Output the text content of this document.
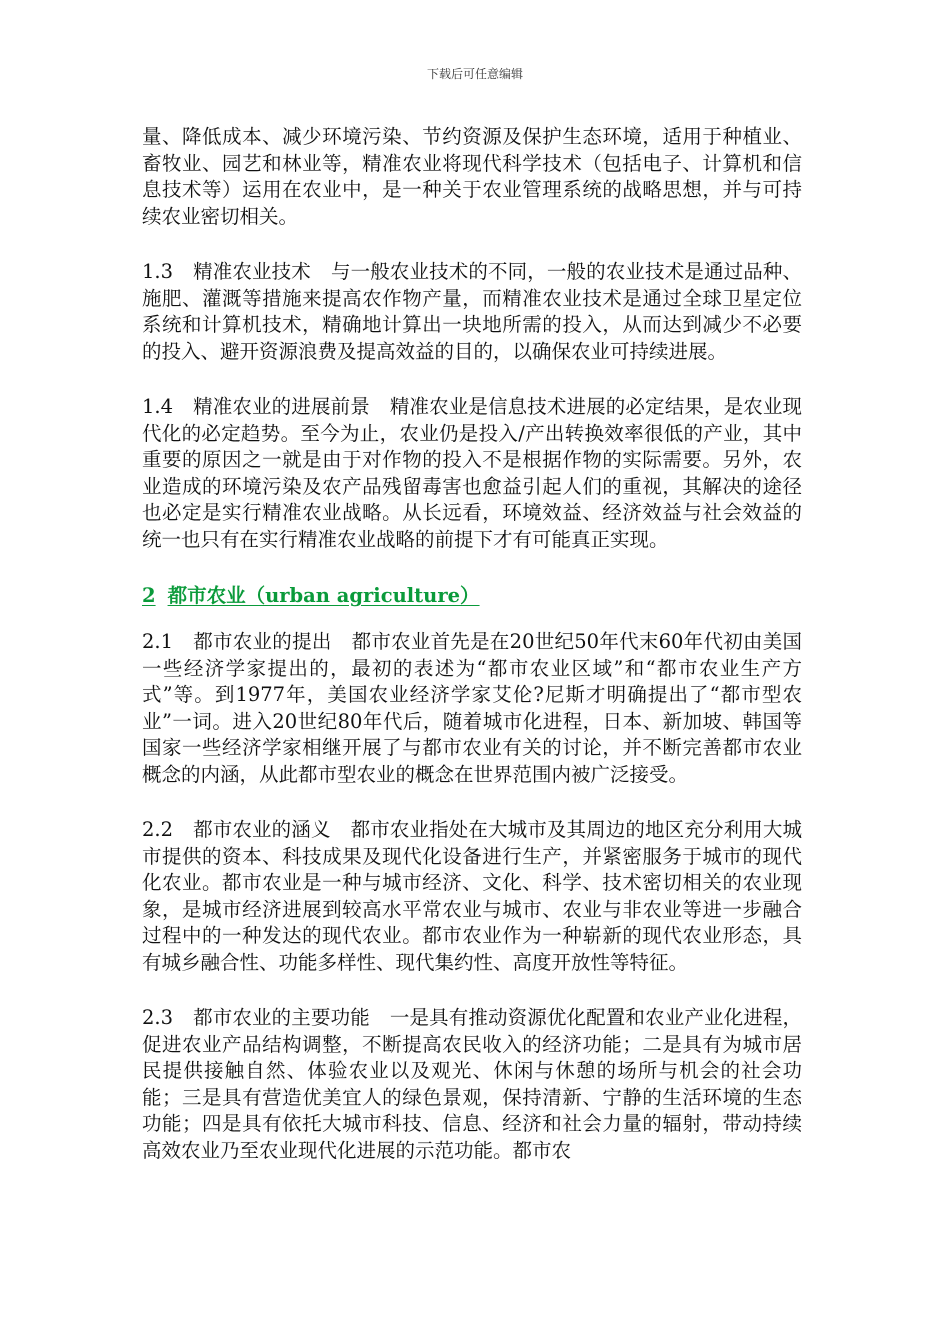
下载后可任意编辑

量、降低成本、减少环境污染、节约资源及保护生态环境，适用于种植业、畜牧业、园艺和林业等，精准农业将现代科学技术（包括电子、计算机和信息技术等）运用在农业中，是一种关于农业管理系统的战略思想，并与可持续农业密切相关。

1.3 精准农业技术 与一般农业技术的不同，一般的农业技术是通过品种、施肥、灌溉等措施来提高农作物产量，而精准农业技术是通过全球卫星定位系统和计算机技术，精确地计算出一块地所需的投入，从而达到减少不必要的投入、避开资源浪费及提高效益的目的，以确保农业可持续进展。

1.4 精准农业的进展前景 精准农业是信息技术进展的必定结果，是农业现代化的必定趋势。至今为止，农业仍是投入/产出转换效率很低的产业，其中重要的原因之一就是由于对作物的投入不是根据作物的实际需要。另外，农业造成的环境污染及农产品残留毒害也愈益引起人们的重视，其解决的途径也必定是实行精准农业战略。从长远看，环境效益、经济效益与社会效益的统一也只有在实行精准农业战略的前提下才有可能真正实现。

2 都市农业（urban agriculture）

2.1 都市农业的提出 都市农业首先是在20世纪50年代末60年代初由美国一些经济学家提出的，最初的表述为“都市农业区域”和“都市农业生产方式”等。到1977年，美国农业经济学家艾伦?尼斯才明确提出了“都市型农业”一词。进入20世纪80年代后，随着城市化进程，日本、新加坡、韩国等国家一些经济学家相继开展了与都市农业有关的讨论，并不断完善都市农业概念的内涵，从此都市型农业的概念在世界范围内被广泛接受。

2.2 都市农业的涵义 都市农业指处在大城市及其周边的地区充分利用大城市提供的资本、科技成果及现代化设备进行生产，并紧密服务于城市的现代化农业。都市农业是一种与城市经济、文化、科学、技术密切相关的农业现象，是城市经济进展到较高水平常农业与城市、农业与非农业等进一步融合过程中的一种发达的现代农业。都市农业作为一种崭新的现代农业形态，具有城乡融合性、功能多样性、现代集约性、高度开放性等特征。

2.3 都市农业的主要功能 一是具有推动资源优化配置和农业产业化进程，促进农业产品结构调整，不断提高农民收入的经济功能；二是具有为城市居民提供接触自然、体验农业以及观光、休闲与休憩的场所与机会的社会功能；三是具有营造优美宜人的绿色景观，保持清新、宁静的生活环境的生态功能；四是具有依托大城市科技、信息、经济和社会力量的辐射，带动持续高效农业乃至农业现代化进展的示范功能。都市农
